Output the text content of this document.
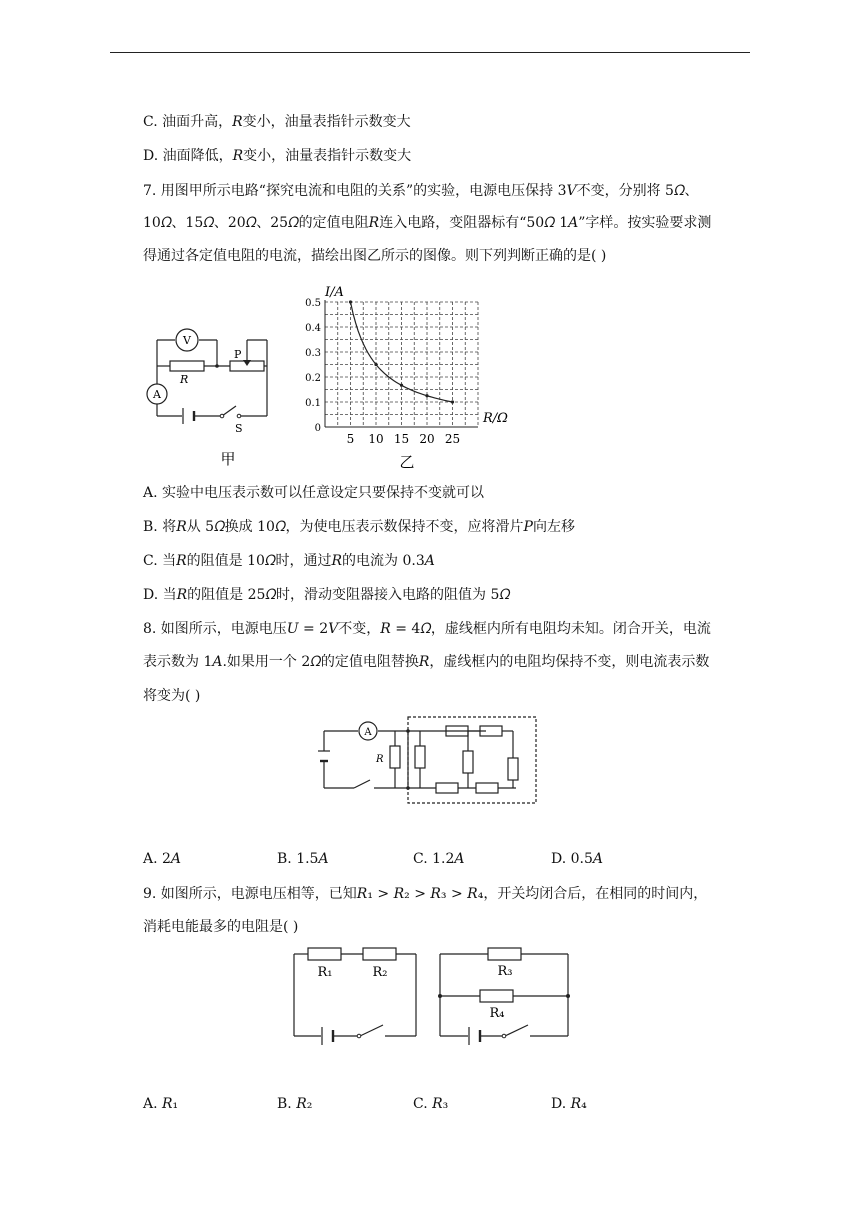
C. 油面升高，𝑅变小，油量表指针示数变大
D. 油面降低，𝑅变小，油量表指针示数变大
7. 用图甲所示电路“探究电流和电阻的关系”的实验，电源电压保持 3𝑉不变，分别将 5𝛺、
10𝛺、15𝛺、20𝛺、25𝛺的定值电阻𝑅连入电路，变阻器标有“50𝛺 1𝐴”字样。按实验要求测
得通过各定值电阻的电流，描绘出图乙所示的图像。则下列判断正确的是( )
V
A
P
R
S
甲
0.5
0.4
0.3
0.2
0.1
0
5 10 15 20 25
I/A
R/Ω
乙
A. 实验中电压表示数可以任意设定只要保持不变就可以
B. 将𝑅从 5𝛺换成 10𝛺，为使电压表示数保持不变，应将滑片𝑃向左移
C. 当𝑅的阻值是 10𝛺时，通过𝑅的电流为 0.3𝐴
D. 当𝑅的阻值是 25𝛺时，滑动变阻器接入电路的阻值为 5𝛺
8. 如图所示，电源电压𝑈 = 2𝑉不变，𝑅 = 4𝛺，虚线框内所有电阻均未知。闭合开关，电流
表示数为 1𝐴.如果用一个 2𝛺的定值电阻替换𝑅，虚线框内的电阻均保持不变，则电流表示数
将变为( )
A
R
A. 2𝐴	B. 1.5𝐴	C. 1.2𝐴	D. 0.5𝐴
9. 如图所示，电源电压相等，已知𝑅₁ > 𝑅₂ > 𝑅₃ > 𝑅₄，开关均闭合后，在相同的时间内，
消耗电能最多的电阻是( )
R₁	R₂	R₃
R₄
A. 𝑅₁	B. 𝑅₂	C. 𝑅₃	D. 𝑅₄
